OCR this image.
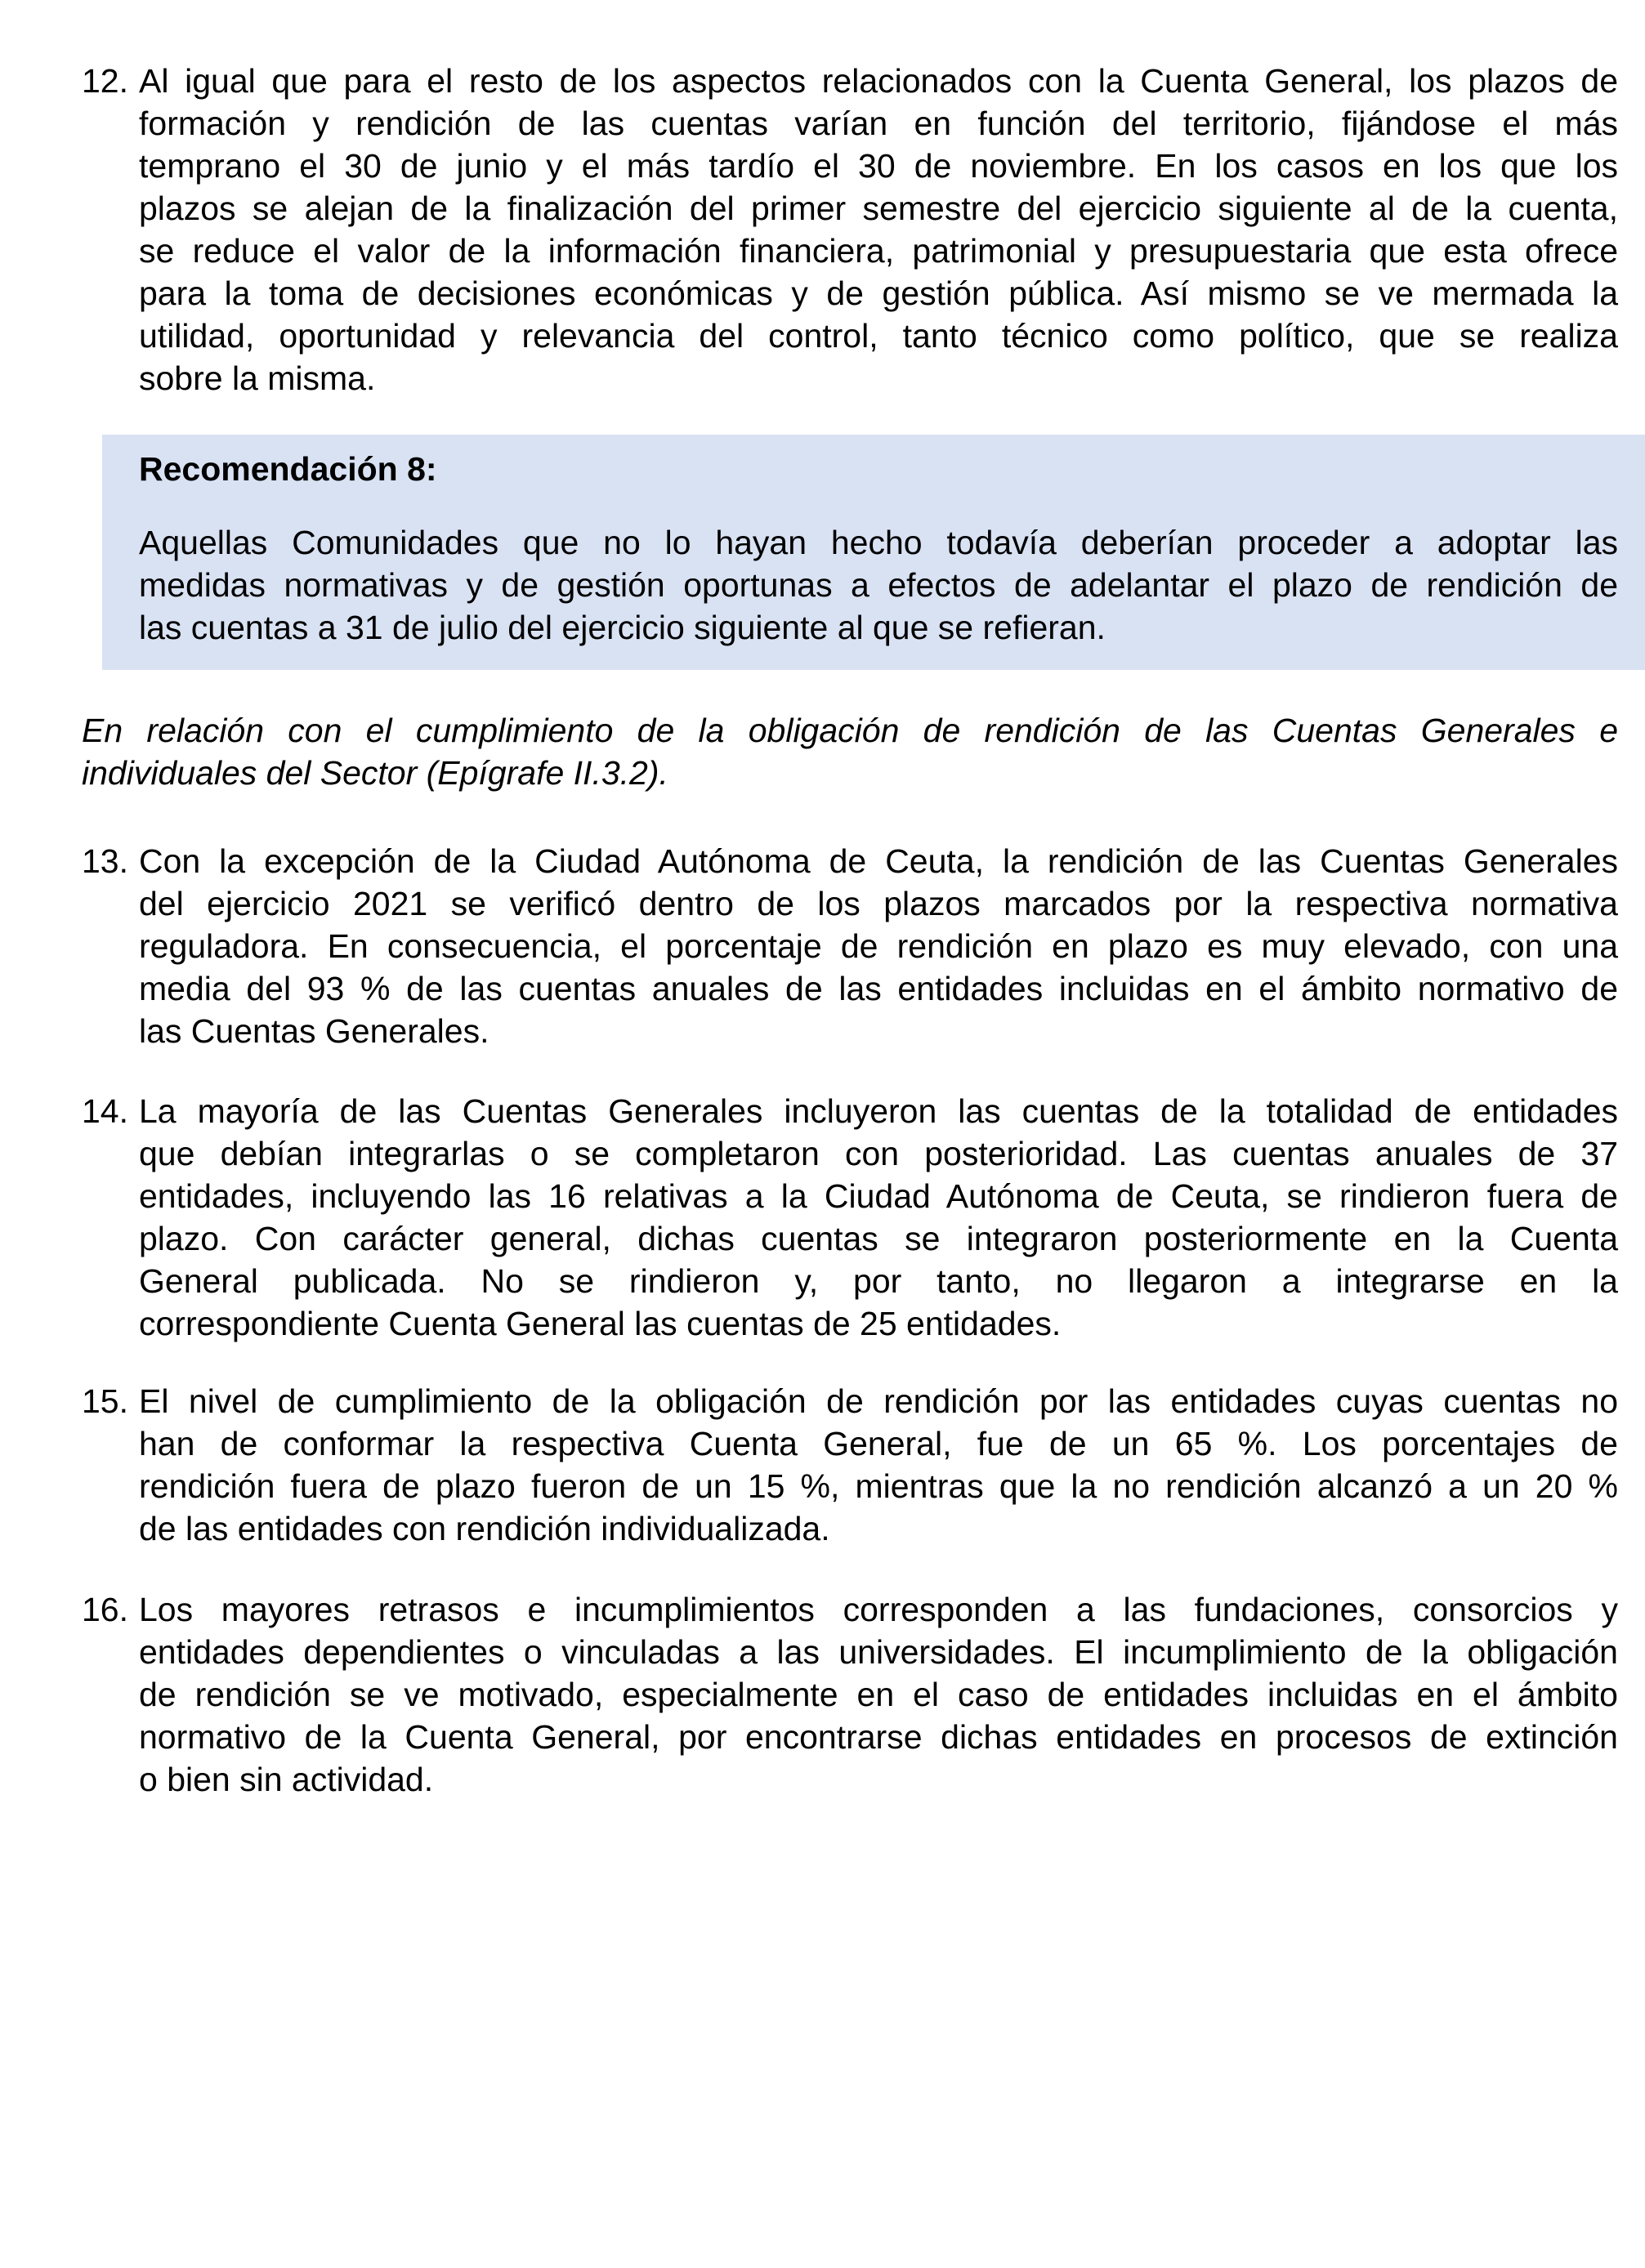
12. Al igual que para el resto de los aspectos relacionados con la Cuenta General, los plazos de
formación y rendición de las cuentas varían en función del territorio, fijándose el más
temprano el 30 de junio y el más tardío el 30 de noviembre. En los casos en los que los
plazos se alejan de la finalización del primer semestre del ejercicio siguiente al de la cuenta,
se reduce el valor de la información financiera, patrimonial y presupuestaria que esta ofrece
para la toma de decisiones económicas y de gestión pública. Así mismo se ve mermada la
utilidad, oportunidad y relevancia del control, tanto técnico como político, que se realiza
sobre la misma.
Recomendación 8:
Aquellas Comunidades que no lo hayan hecho todavía deberían proceder a adoptar las
medidas normativas y de gestión oportunas a efectos de adelantar el plazo de rendición de
las cuentas a 31 de julio del ejercicio siguiente al que se refieran.
En relación con el cumplimiento de la obligación de rendición de las Cuentas Generales e
individuales del Sector (Epígrafe II.3.2).
13. Con la excepción de la Ciudad Autónoma de Ceuta, la rendición de las Cuentas Generales
del ejercicio 2021 se verificó dentro de los plazos marcados por la respectiva normativa
reguladora. En consecuencia, el porcentaje de rendición en plazo es muy elevado, con una
media del 93 % de las cuentas anuales de las entidades incluidas en el ámbito normativo de
las Cuentas Generales.
14. La mayoría de las Cuentas Generales incluyeron las cuentas de la totalidad de entidades
que debían integrarlas o se completaron con posterioridad. Las cuentas anuales de 37
entidades, incluyendo las 16 relativas a la Ciudad Autónoma de Ceuta, se rindieron fuera de
plazo. Con carácter general, dichas cuentas se integraron posteriormente en la Cuenta
General publicada. No se rindieron y, por tanto, no llegaron a integrarse en la
correspondiente Cuenta General las cuentas de 25 entidades.
15. El nivel de cumplimiento de la obligación de rendición por las entidades cuyas cuentas no
han de conformar la respectiva Cuenta General, fue de un 65 %. Los porcentajes de
rendición fuera de plazo fueron de un 15 %, mientras que la no rendición alcanzó a un 20 %
de las entidades con rendición individualizada.
16. Los mayores retrasos e incumplimientos corresponden a las fundaciones, consorcios y
entidades dependientes o vinculadas a las universidades. El incumplimiento de la obligación
de rendición se ve motivado, especialmente en el caso de entidades incluidas en el ámbito
normativo de la Cuenta General, por encontrarse dichas entidades en procesos de extinción
o bien sin actividad.
